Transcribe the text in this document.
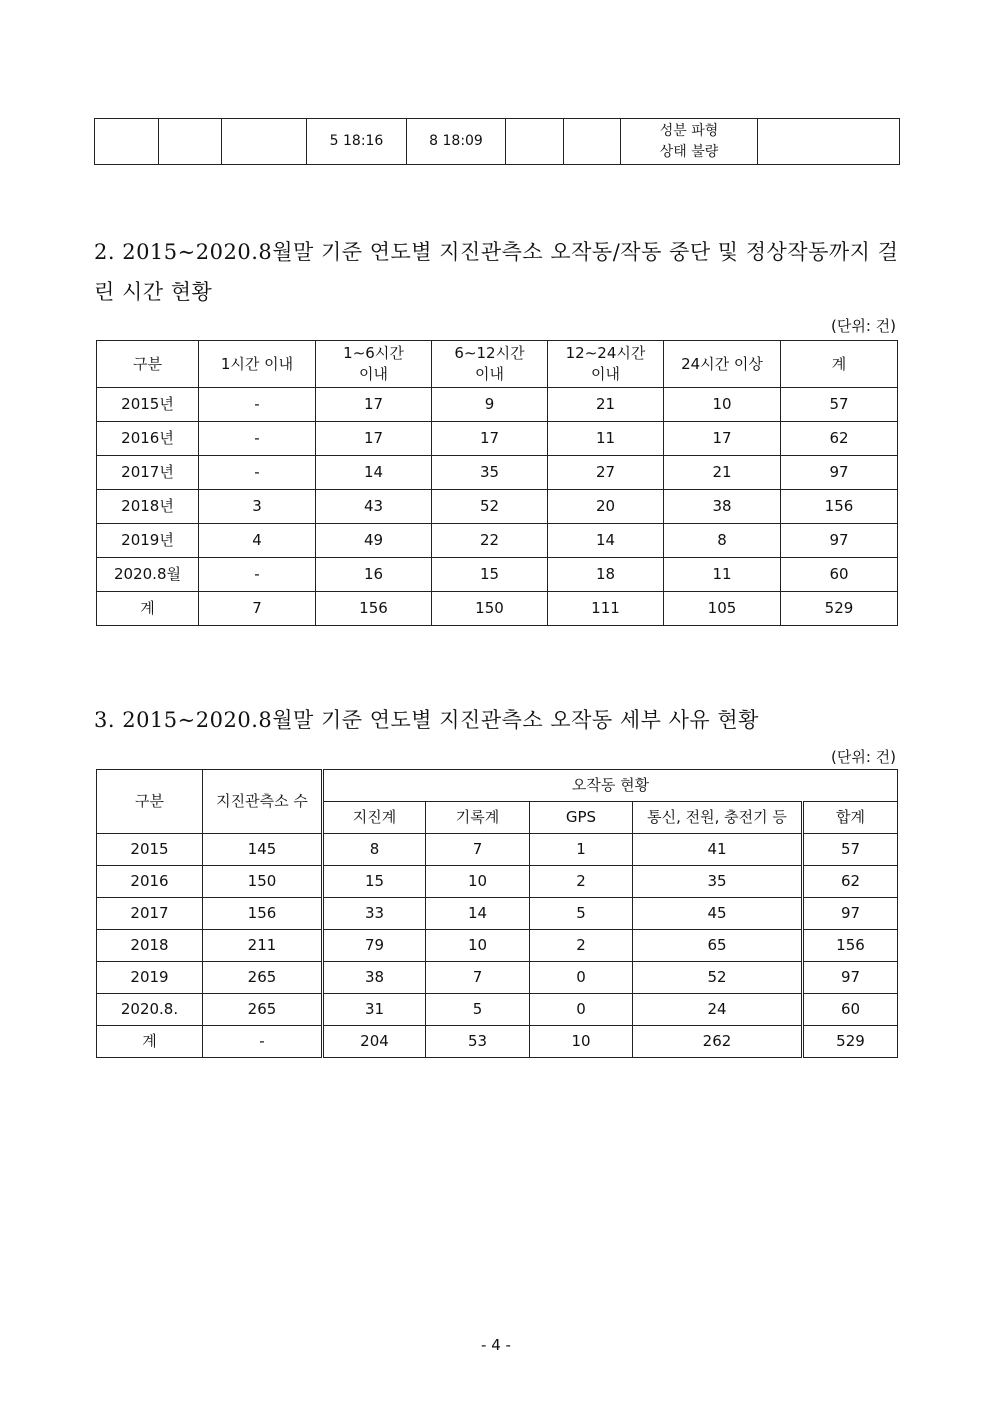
			5 18:16	8 18:09			성분 파형
상태 불량	
2. 2015∼2020.8월말 기준 연도별 지진관측소 오작동/작동 중단 및 정상작동까지 걸린 시간 현황
(단위: 건)
구분	1시간 이내	1∼6시간
이내	6∼12시간
이내	12∼24시간
이내	24시간 이상	계
2015년	-	17	9	21	10	57
2016년	-	17	17	11	17	62
2017년	-	14	35	27	21	97
2018년	3	43	52	20	38	156
2019년	4	49	22	14	8	97
2020.8월	-	16	15	18	11	60
계	7	156	150	111	105	529
3. 2015∼2020.8월말 기준 연도별 지진관측소 오작동 세부 사유 현황
(단위: 건)
구분	지진관측소 수	오작동 현황				
		지진계	기록계	GPS	통신, 전원, 충전기 등	합계
2015	145	8	7	1	41	57
2016	150	15	10	2	35	62
2017	156	33	14	5	45	97
2018	211	79	10	2	65	156
2019	265	38	7	0	52	97
2020.8.	265	31	5	0	24	60
계	-	204	53	10	262	529
- 4 -
